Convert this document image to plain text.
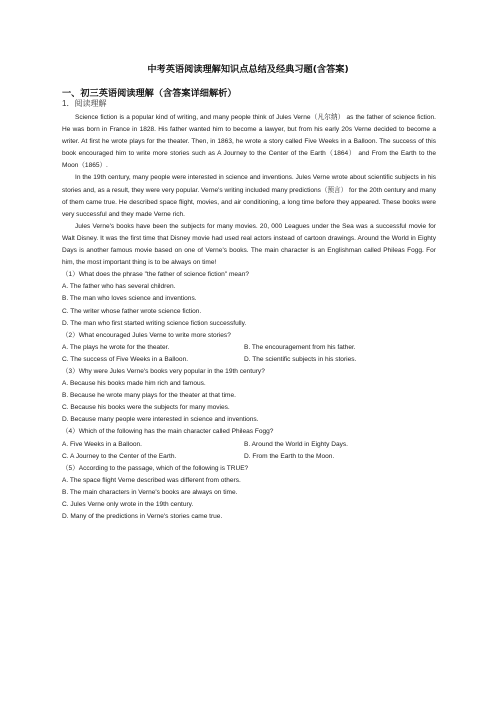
中考英语阅读理解知识点总结及经典习题(含答案)
一、初三英语阅读理解（含答案详细解析）
1．阅读理解

Science fiction is a popular kind of writing, and many people think of Jules Verne（凡尔纳） as the father of science fiction. He was born in France in 1828. His father wanted him to become a lawyer, but from his early 20s Verne decided to become a writer. At first he wrote plays for the theater. Then, in 1863, he wrote a story called Five Weeks in a Balloon. The success of this book encouraged him to write more stories such as A Journey to the Center of the Earth（1864） and From the Earth to the Moon（1865）.

In the 19th century, many people were interested in science and inventions. Jules Verne wrote about scientific subjects in his stories and, as a result, they were very popular. Verne's writing included many predictions（预言） for the 20th century and many of them came true. He described space flight, movies, and air conditioning, a long time before they appeared. These books were very successful and they made Verne rich.

Jules Verne's books have been the subjects for many movies. 20, 000 Leagues under the Sea was a successful movie for Walt Disney. It was the first time that Disney movie had used real actors instead of cartoon drawings. Around the World in Eighty Days is another famous movie based on one of Verne's books. The main character is an Englishman called Phileas Fogg. For him, the most important thing is to be always on time!

（1）What does the phrase "the father of science fiction" mean?

A. The father who has several children.

B. The man who loves science and inventions.

C. The writer whose father wrote science fiction.

D. The man who first started writing science fiction successfully.

（2）What encouraged Jules Verne to write more stories?

A. The plays he wrote for the theater.	B. The encouragement from his father.
C. The success of Five Weeks in a Balloon.	D. The scientific subjects in his stories.

（3）Why were Jules Verne's books very popular in the 19th century?

A. Because his books made him rich and famous.

B. Because he wrote many plays for the theater at that time.

C. Because his books were the subjects for many movies.

D. Because many people were interested in science and inventions.

（4）Which of the following has the main character called Phileas Fogg?

A. Five Weeks in a Balloon.	B. Around the World in Eighty Days.
C. A Journey to the Center of the Earth.	D. From the Earth to the Moon.

（5）According to the passage, which of the following is TRUE?

A. The space flight Verne described was different from others.

B. The main characters in Verne's books are always on time.

C. Jules Verne only wrote in the 19th century.

D. Many of the predictions in Verne's stories came true.
